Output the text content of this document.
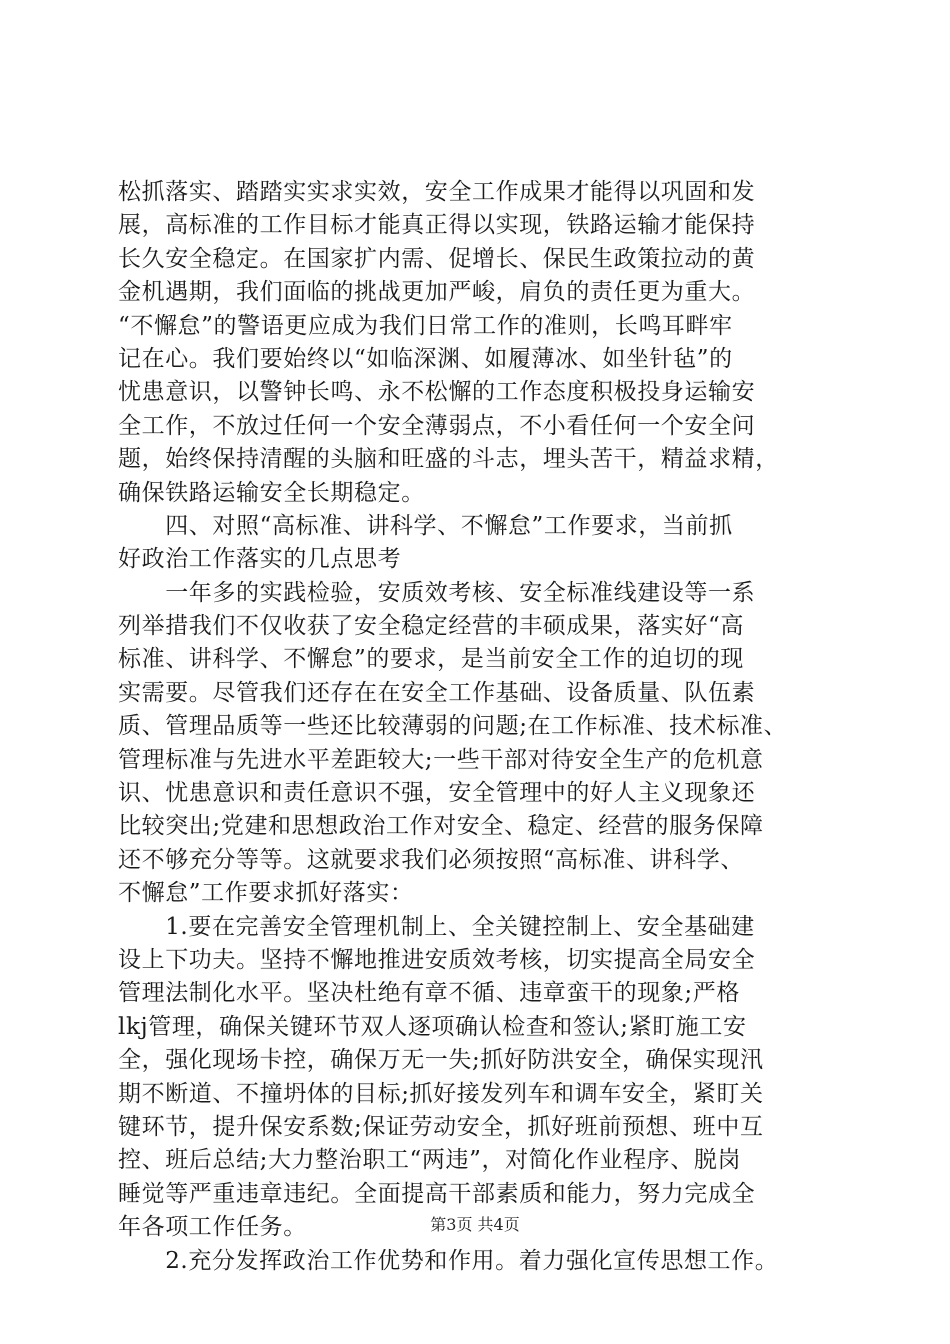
松抓落实、踏踏实实求实效，安全工作成果才能得以巩固和发
展，高标准的工作目标才能真正得以实现，铁路运输才能保持
长久安全稳定。在国家扩内需、促增长、保民生政策拉动的黄
金机遇期，我们面临的挑战更加严峻，肩负的责任更为重大。
“不懈怠”的警语更应成为我们日常工作的准则，长鸣耳畔牢
记在心。我们要始终以“如临深渊、如履薄冰、如坐针毡”的
忧患意识，以警钟长鸣、永不松懈的工作态度积极投身运输安
全工作，不放过任何一个安全薄弱点，不小看任何一个安全问
题，始终保持清醒的头脑和旺盛的斗志，埋头苦干，精益求精，
确保铁路运输安全长期稳定。
　　四、对照“高标准、讲科学、不懈怠”工作要求，当前抓
好政治工作落实的几点思考
　　一年多的实践检验，安质效考核、安全标准线建设等一系
列举措我们不仅收获了安全稳定经营的丰硕成果，落实好“高
标准、讲科学、不懈怠”的要求，是当前安全工作的迫切的现
实需要。尽管我们还存在在安全工作基础、设备质量、队伍素
质、管理品质等一些还比较薄弱的问题;在工作标准、技术标准、
管理标准与先进水平差距较大;一些干部对待安全生产的危机意
识、忧患意识和责任意识不强，安全管理中的好人主义现象还
比较突出;党建和思想政治工作对安全、稳定、经营的服务保障
还不够充分等等。这就要求我们必须按照“高标准、讲科学、
不懈怠”工作要求抓好落实：
　　1.要在完善安全管理机制上、全关键控制上、安全基础建
设上下功夫。坚持不懈地推进安质效考核，切实提高全局安全
管理法制化水平。坚决杜绝有章不循、违章蛮干的现象;严格
lkj管理，确保关键环节双人逐项确认检查和签认;紧盯施工安
全，强化现场卡控，确保万无一失;抓好防洪安全，确保实现汛
期不断道、不撞坍体的目标;抓好接发列车和调车安全，紧盯关
键环节，提升保安系数;保证劳动安全，抓好班前预想、班中互
控、班后总结;大力整治职工“两违”，对简化作业程序、脱岗
睡觉等严重违章违纪。全面提高干部素质和能力，努力完成全
年各项工作任务。
　　2.充分发挥政治工作优势和作用。着力强化宣传思想工作。
第3页 共4页
